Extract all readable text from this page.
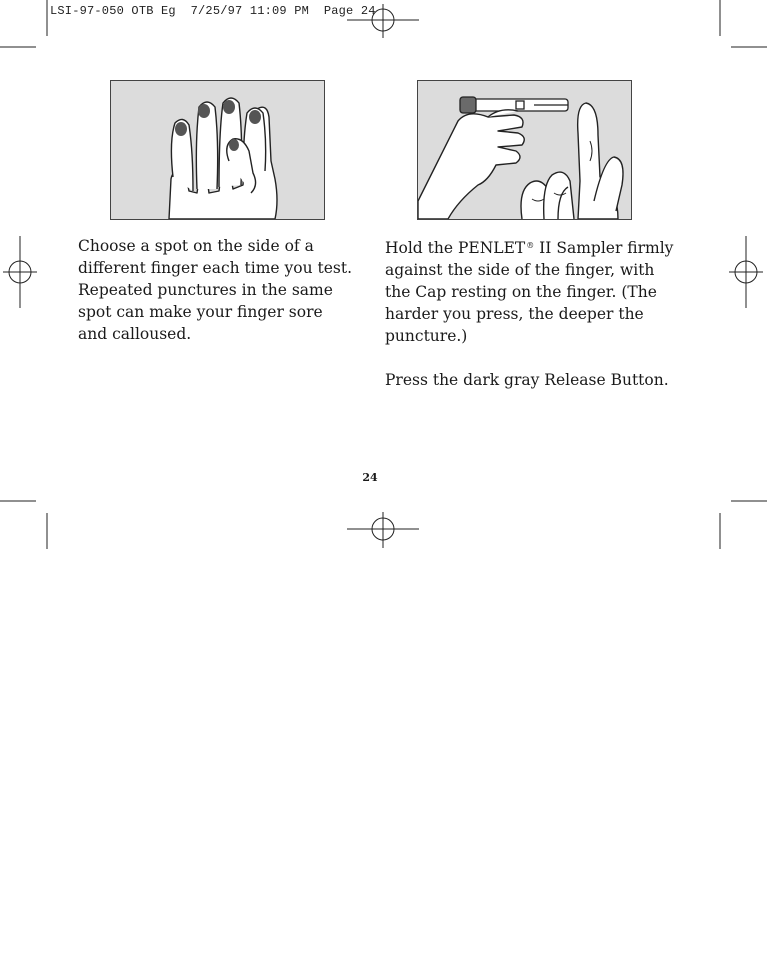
LSI-97-050 OTB Eg  7/25/97 11:09 PM  Page 24

Choose a spot on the side of a
different finger each time you test.
Repeated punctures in the same
spot can make your finger sore
and calloused.
Hold the PENLET® II Sampler firmly
against the side of the finger, with
the Cap resting on the finger. (The
harder you press, the deeper the
puncture.)
Press the dark gray Release Button.
24
